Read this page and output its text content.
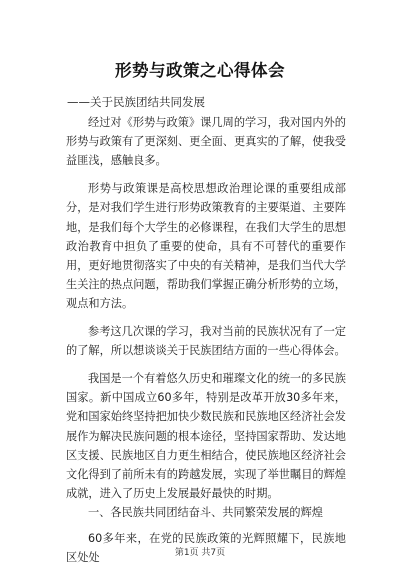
形势与政策之心得体会
——关于民族团结共同发展

经过对《形势与政策》课几周的学习，我对国内外的形势与政策有了更深刻、更全面、更真实的了解，使我受益匪浅，感触良多。

形势与政策课是高校思想政治理论课的重要组成部分，是对我们学生进行形势政策教育的主要渠道、主要阵地，是我们每个大学生的必修课程，在我们大学生的思想政治教育中担负了重要的使命，具有不可替代的重要作用，更好地贯彻落实了中央的有关精神，是我们当代大学生关注的热点问题，帮助我们掌握正确分析形势的立场，观点和方法。

参考这几次课的学习，我对当前的民族状况有了一定的了解，所以想谈谈关于民族团结方面的一些心得体会。

我国是一个有着悠久历史和璀璨文化的统一的多民族国家。新中国成立60多年，特别是改革开放30多年来，党和国家始终坚持把加快少数民族和民族地区经济社会发展作为解决民族问题的根本途径，坚持国家帮助、发达地区支援、民族地区自力更生相结合，使民族地区经济社会文化得到了前所未有的跨越发展，实现了举世瞩目的辉煌成就，进入了历史上发展最好最快的时期。

一、各民族共同团结奋斗、共同繁荣发展的辉煌

60多年来，在党的民族政策的光辉照耀下，民族地区处处	第1页 共7页
